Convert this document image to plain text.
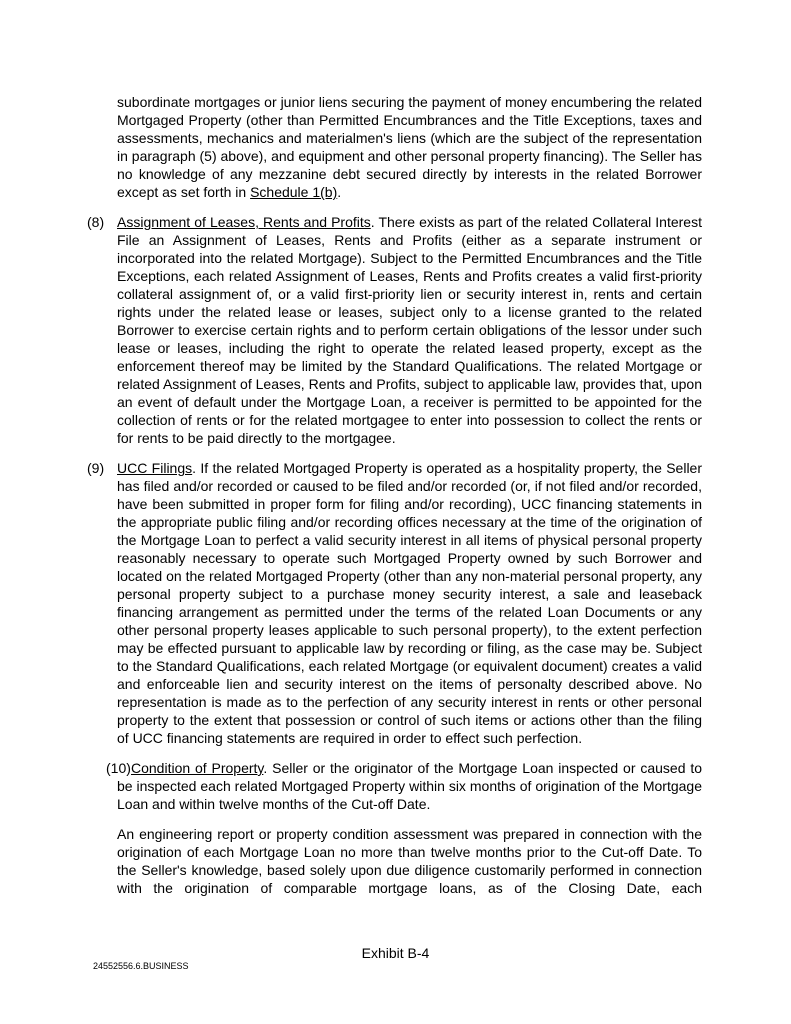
subordinate mortgages or junior liens securing the payment of money encumbering the related Mortgaged Property (other than Permitted Encumbrances and the Title Exceptions, taxes and assessments, mechanics and materialmen's liens (which are the subject of the representation in paragraph (5) above), and equipment and other personal property financing). The Seller has no knowledge of any mezzanine debt secured directly by interests in the related Borrower except as set forth in Schedule 1(b).

(8) Assignment of Leases, Rents and Profits. There exists as part of the related Collateral Interest File an Assignment of Leases, Rents and Profits (either as a separate instrument or incorporated into the related Mortgage). Subject to the Permitted Encumbrances and the Title Exceptions, each related Assignment of Leases, Rents and Profits creates a valid first-priority collateral assignment of, or a valid first-priority lien or security interest in, rents and certain rights under the related lease or leases, subject only to a license granted to the related Borrower to exercise certain rights and to perform certain obligations of the lessor under such lease or leases, including the right to operate the related leased property, except as the enforcement thereof may be limited by the Standard Qualifications. The related Mortgage or related Assignment of Leases, Rents and Profits, subject to applicable law, provides that, upon an event of default under the Mortgage Loan, a receiver is permitted to be appointed for the collection of rents or for the related mortgagee to enter into possession to collect the rents or for rents to be paid directly to the mortgagee.

(9) UCC Filings. If the related Mortgaged Property is operated as a hospitality property, the Seller has filed and/or recorded or caused to be filed and/or recorded (or, if not filed and/or recorded, have been submitted in proper form for filing and/or recording), UCC financing statements in the appropriate public filing and/or recording offices necessary at the time of the origination of the Mortgage Loan to perfect a valid security interest in all items of physical personal property reasonably necessary to operate such Mortgaged Property owned by such Borrower and located on the related Mortgaged Property (other than any non-material personal property, any personal property subject to a purchase money security interest, a sale and leaseback financing arrangement as permitted under the terms of the related Loan Documents or any other personal property leases applicable to such personal property), to the extent perfection may be effected pursuant to applicable law by recording or filing, as the case may be. Subject to the Standard Qualifications, each related Mortgage (or equivalent document) creates a valid and enforceable lien and security interest on the items of personalty described above. No representation is made as to the perfection of any security interest in rents or other personal property to the extent that possession or control of such items or actions other than the filing of UCC financing statements are required in order to effect such perfection.

(10) Condition of Property. Seller or the originator of the Mortgage Loan inspected or caused to be inspected each related Mortgaged Property within six months of origination of the Mortgage Loan and within twelve months of the Cut-off Date.

An engineering report or property condition assessment was prepared in connection with the origination of each Mortgage Loan no more than twelve months prior to the Cut-off Date. To the Seller's knowledge, based solely upon due diligence customarily performed in connection with the origination of comparable mortgage loans, as of the Closing Date, each

Exhibit B-4
24552556.6.BUSINESS
